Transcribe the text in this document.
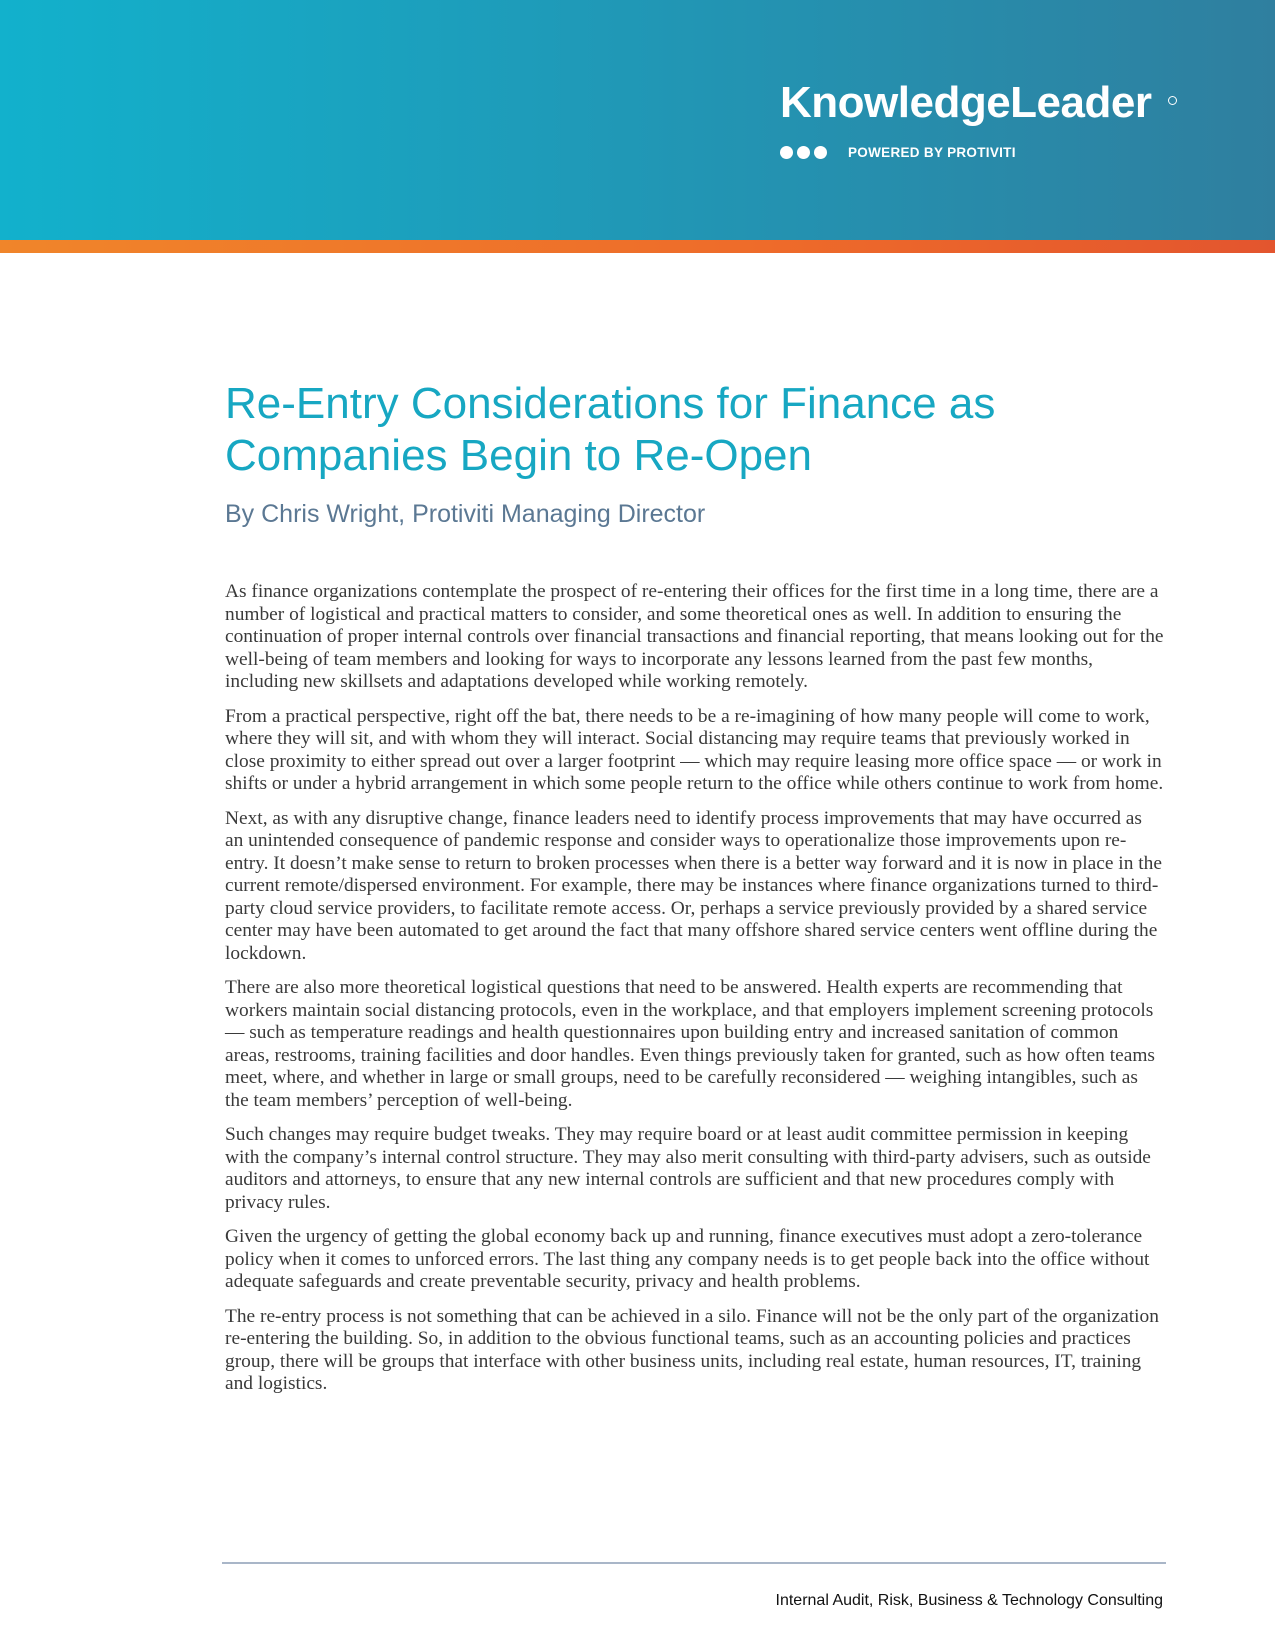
KnowledgeLeader
POWERED BY PROTIVITI
Re-Entry Considerations for Finance as Companies Begin to Re-Open
By Chris Wright, Protiviti Managing Director

As finance organizations contemplate the prospect of re-entering their offices for the first time in a long time, there are a number of logistical and practical matters to consider, and some theoretical ones as well. In addition to ensuring the continuation of proper internal controls over financial transactions and financial reporting, that means looking out for the well-being of team members and looking for ways to incorporate any lessons learned from the past few months, including new skillsets and adaptations developed while working remotely.

From a practical perspective, right off the bat, there needs to be a re-imagining of how many people will come to work, where they will sit, and with whom they will interact. Social distancing may require teams that previously worked in close proximity to either spread out over a larger footprint — which may require leasing more office space — or work in shifts or under a hybrid arrangement in which some people return to the office while others continue to work from home.

Next, as with any disruptive change, finance leaders need to identify process improvements that may have occurred as an unintended consequence of pandemic response and consider ways to operationalize those improvements upon re-entry. It doesn’t make sense to return to broken processes when there is a better way forward and it is now in place in the current remote/dispersed environment. For example, there may be instances where finance organizations turned to third-party cloud service providers, to facilitate remote access. Or, perhaps a service previously provided by a shared service center may have been automated to get around the fact that many offshore shared service centers went offline during the lockdown.

There are also more theoretical logistical questions that need to be answered. Health experts are recommending that workers maintain social distancing protocols, even in the workplace, and that employers implement screening protocols — such as temperature readings and health questionnaires upon building entry and increased sanitation of common areas, restrooms, training facilities and door handles. Even things previously taken for granted, such as how often teams meet, where, and whether in large or small groups, need to be carefully reconsidered — weighing intangibles, such as the team members’ perception of well-being.

Such changes may require budget tweaks. They may require board or at least audit committee permission in keeping with the company’s internal control structure. They may also merit consulting with third-party advisers, such as outside auditors and attorneys, to ensure that any new internal controls are sufficient and that new procedures comply with privacy rules.

Given the urgency of getting the global economy back up and running, finance executives must adopt a zero-tolerance policy when it comes to unforced errors. The last thing any company needs is to get people back into the office without adequate safeguards and create preventable security, privacy and health problems.

The re-entry process is not something that can be achieved in a silo. Finance will not be the only part of the organization re-entering the building. So, in addition to the obvious functional teams, such as an accounting policies and practices group, there will be groups that interface with other business units, including real estate, human resources, IT, training and logistics.

Internal Audit, Risk, Business & Technology Consulting
